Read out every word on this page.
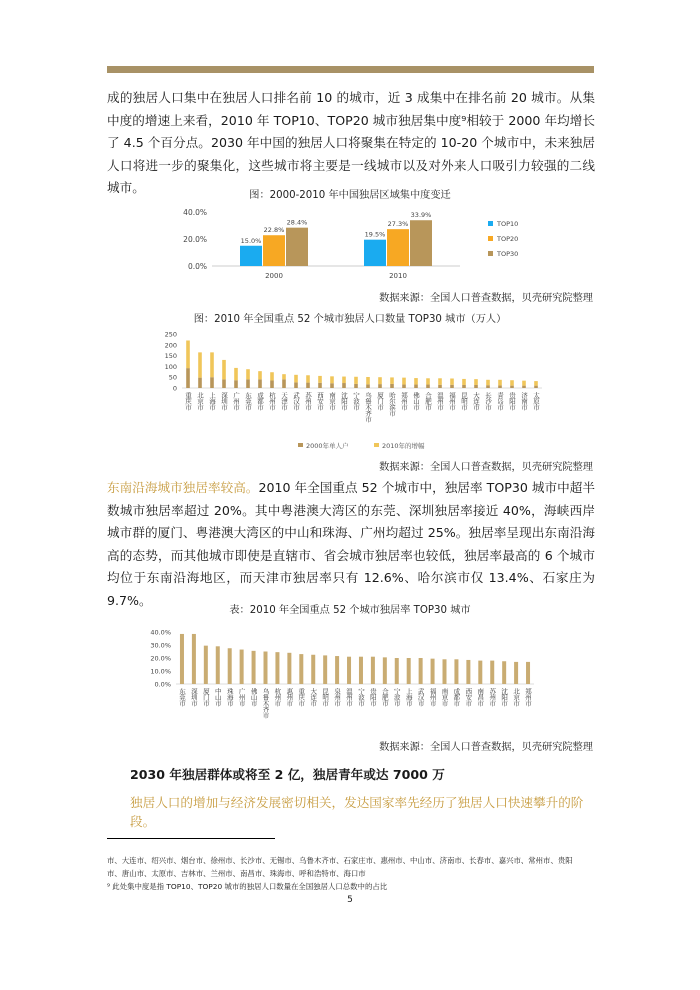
成的独居人口集中在独居人口排名前 10 的城市，近 3 成集中在排名前 20 城市。从集中度的增速上来看，2010 年 TOP10、TOP20 城市独居集中度⁹相较于 2000 年均增长了 4.5 个百分点。2030 年中国的独居人口将聚集在特定的 10-20 个城市中，未来独居人口将进一步的聚集化，这些城市将主要是一线城市以及对外来人口吸引力较强的二线城市。

图：2000-2010 年中国独居区域集中度变迁
40.0%
20.0%
0.0%
15.0%
22.8%
28.4%
2000
19.5%
27.3%
33.9%
2010
TOP10
TOP20
TOP30
数据来源：全国人口普查数据，贝壳研究院整理
图：2010 年全国重点 52 个城市独居人口数量 TOP30 城市（万人）
250
200
150
100
50
0
重庆市 北京市 上海市 深圳市 广州市 东莞市 成都市 杭州市 天津市 武汉市 苏州市 西安市 南京市 沈阳市 宁波市 乌鲁木齐市 厦门市 哈尔滨市 郑州市 佛山市 合肥市 温州市 福州市 昆明市 大连市 长沙市 青岛市 贵阳市 济南市 太原市
2000年单人户	2010年的增幅
数据来源：全国人口普查数据，贝壳研究院整理

东南沿海城市独居率较高。2010 年全国重点 52 个城市中，独居率 TOP30 城市中超半数城市独居率超过 20%。其中粤港澳大湾区的东莞、深圳独居率接近 40%，海峡西岸城市群的厦门、粤港澳大湾区的中山和珠海、广州均超过 25%。独居率呈现出东南沿海高的态势，而其他城市即使是直辖市、省会城市独居率也较低，独居率最高的 6 个城市均位于东南沿海地区，而天津市独居率只有 12.6%、哈尔滨市仅 13.4%、石家庄为 9.7%。

表：2010 年全国重点 52 个城市独居率 TOP30 城市
40.0%
30.0%
20.0%
10.0%
0.0%
东莞市 深圳市 厦门市 中山市 珠海市 广州市 佛山市 乌鲁木齐市 杭州市 惠州市 重庆市 大连市 昆明市 泉州市 温州市 宁波市 贵阳市 合肥市 宁波市 上海市 武汉市 福州市 南京市 成都市 西安市 南昌市 苏州市 沈阳市 北京市 郑州市
数据来源：全国人口普查数据，贝壳研究院整理
2030 年独居群体或将至 2 亿，独居青年或达 7000 万
独居人口的增加与经济发展密切相关，发达国家率先经历了独居人口快速攀升的阶段。
市、大连市、绍兴市、烟台市、徐州市、长沙市、无锡市、乌鲁木齐市、石家庄市、惠州市、中山市、济南市、长春市、嘉兴市、常州市、贵阳
市、唐山市、太原市、吉林市、兰州市、南昌市、珠海市、呼和浩特市、海口市
⁹ 此处集中度是指 TOP10、TOP20 城市的独居人口数量在全国独居人口总数中的占比
5
